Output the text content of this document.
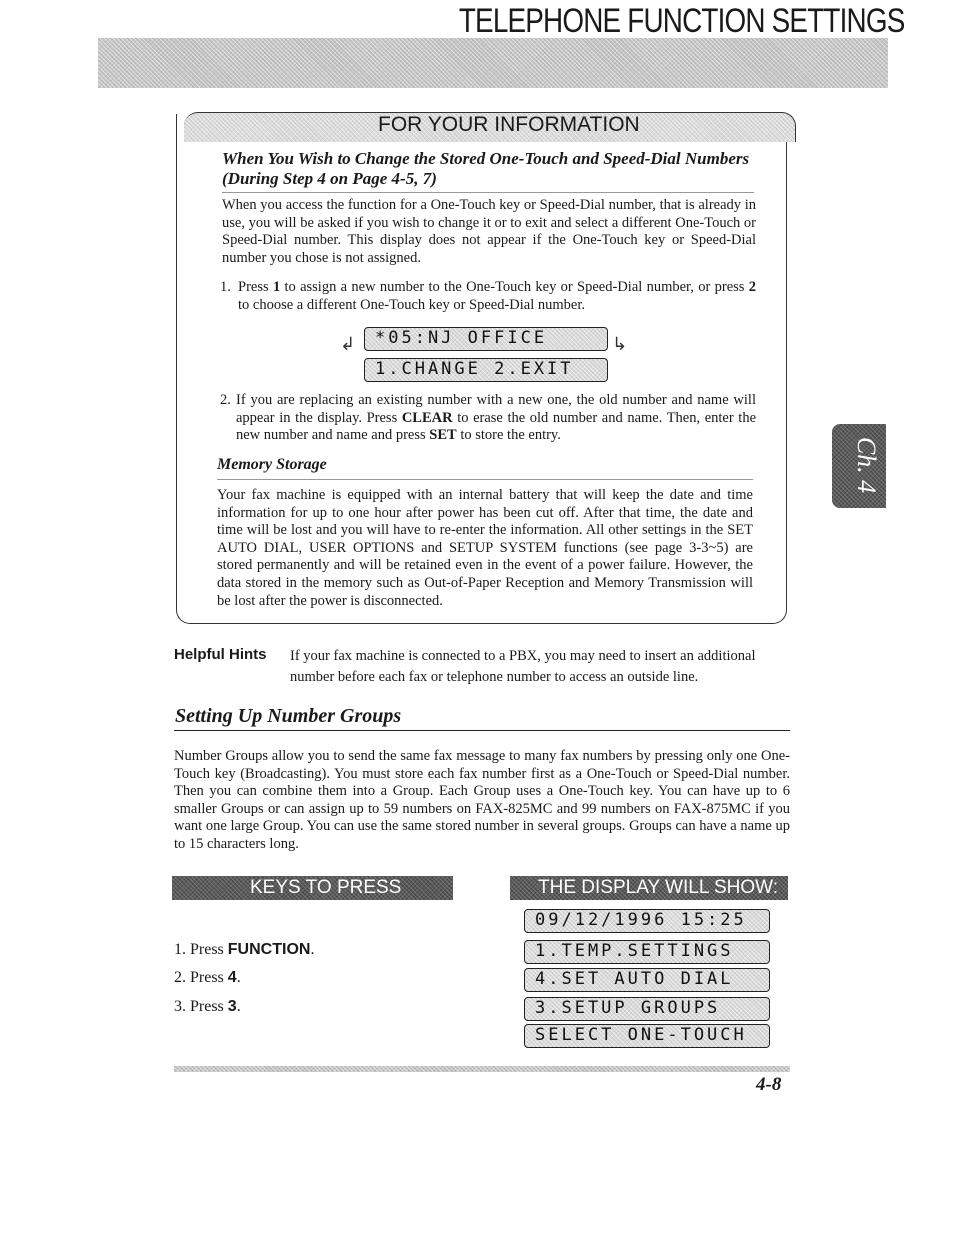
TELEPHONE FUNCTION SETTINGS
FOR YOUR INFORMATION
When You Wish to Change the Stored One-Touch and Speed-Dial Numbers (During Step 4 on Page 4-5, 7)
When you access the function for a One-Touch key or Speed-Dial number, that is already in use, you will be asked if you wish to change it or to exit and select a different One-Touch or Speed-Dial number. This display does not appear if the One-Touch key or Speed-Dial number you chose is not assigned.
1. Press 1 to assign a new number to the One-Touch key or Speed-Dial number, or press 2 to choose a different One-Touch key or Speed-Dial number.
↲	*05:NJ OFFICE
1.CHANGE 2.EXIT
↳
2. If you are replacing an existing number with a new one, the old number and name will appear in the display. Press CLEAR to erase the old number and name. Then, enter the new number and name and press SET to store the entry.
Memory Storage
Your fax machine is equipped with an internal battery that will keep the date and time information for up to one hour after power has been cut off. After that time, the date and time will be lost and you will have to re-enter the information. All other settings in the SET AUTO DIAL, USER OPTIONS and SETUP SYSTEM functions (see page 3-3~5) are stored permanently and will be retained even in the event of a power failure. However, the data stored in the memory such as Out-of-Paper Reception and Memory Transmission will be lost after the power is disconnected.
Ch. 4
Helpful Hints If your fax machine is connected to a PBX, you may need to insert an additional number before each fax or telephone number to access an outside line.
Setting Up Number Groups
Number Groups allow you to send the same fax message to many fax numbers by pressing only one One-Touch key (Broadcasting). You must store each fax number first as a One-Touch or Speed-Dial number. Then you can combine them into a Group. Each Group uses a One-Touch key. You can have up to 6 smaller Groups or can assign up to 59 numbers on FAX-825MC and 99 numbers on FAX-875MC if you want one large Group. You can use the same stored number in several groups. Groups can have a name up to 15 characters long.
KEYS TO PRESS	THE DISPLAY WILL SHOW:
1. Press FUNCTION.
2. Press 4.
3. Press 3.
09/12/1996 15:25
1.TEMP.SETTINGS
4.SET AUTO DIAL
3.SETUP GROUPS
SELECT ONE-TOUCH
4-8
